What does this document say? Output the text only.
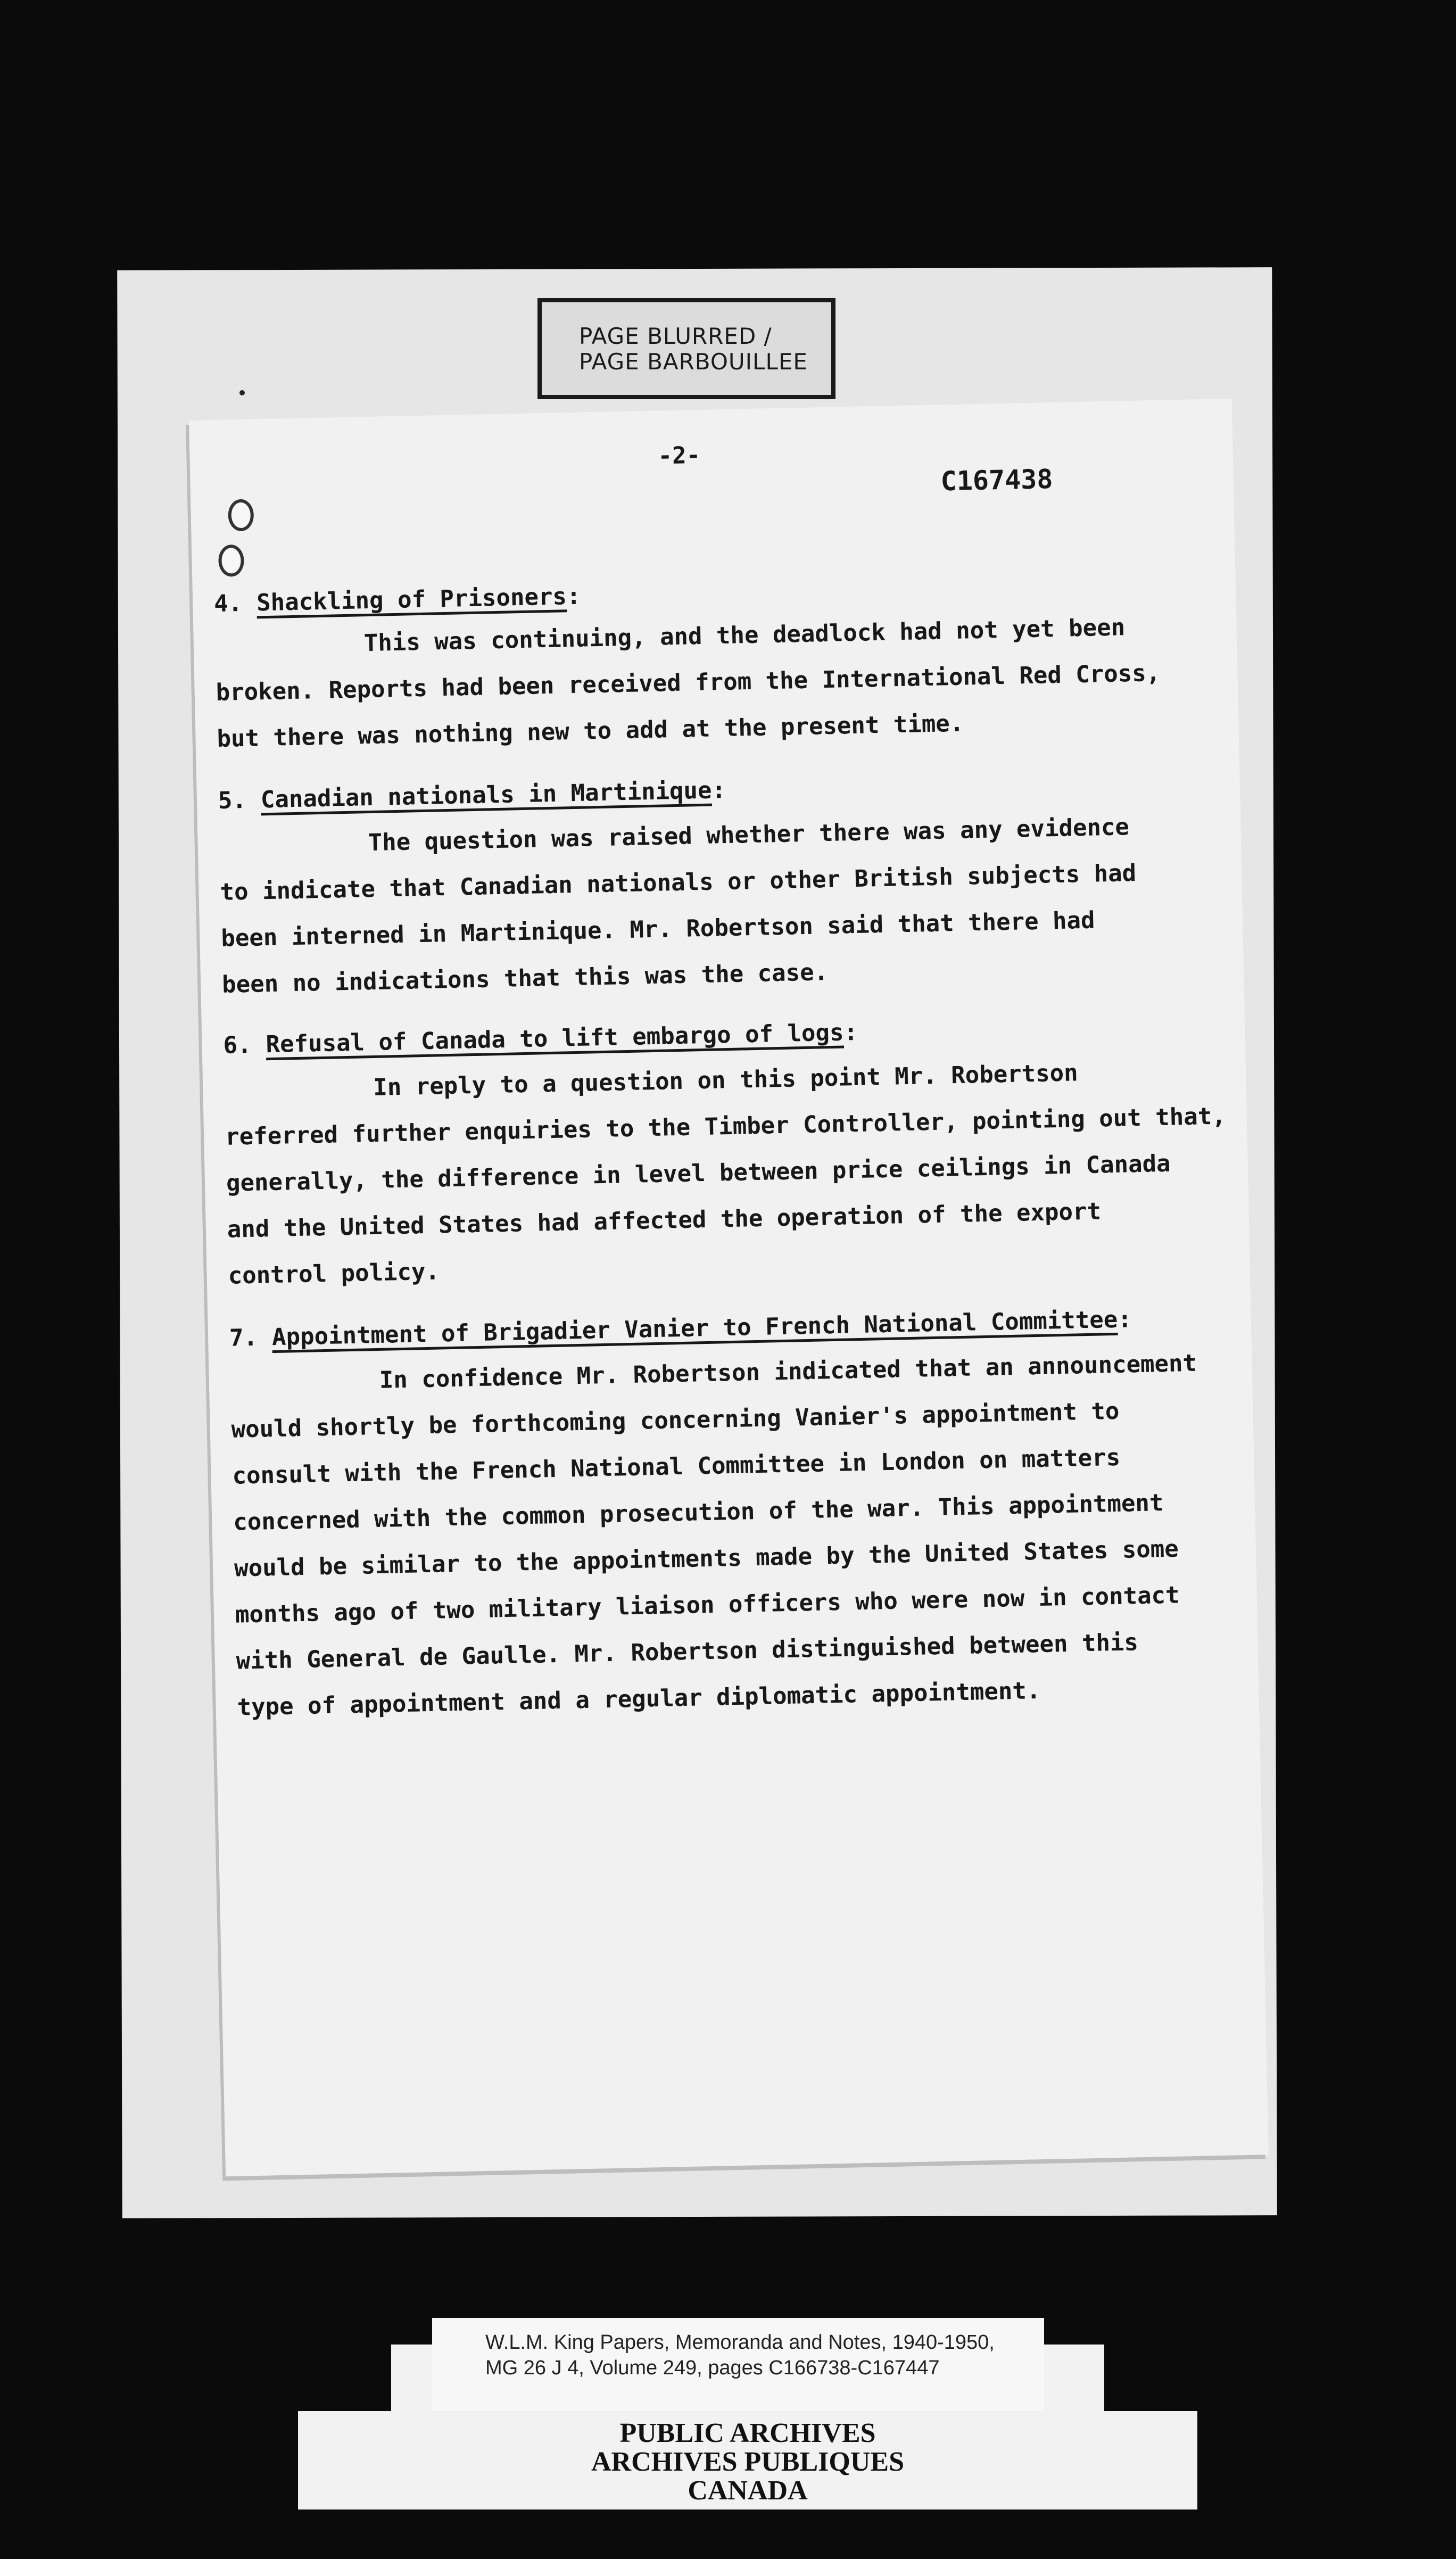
PAGE BLURRED /
PAGE BARBOUILLEE
-2-
C167438
4. Shackling of Prisoners:
This was continuing, and the deadlock had not yet been
broken. Reports had been received from the International Red Cross,
but there was nothing new to add at the present time.
5. Canadian nationals in Martinique:
The question was raised whether there was any evidence
to indicate that Canadian nationals or other British subjects had
been interned in Martinique. Mr. Robertson said that there had
been no indications that this was the case.
6. Refusal of Canada to lift embargo of logs:
In reply to a question on this point Mr. Robertson
referred further enquiries to the Timber Controller, pointing out that,
generally, the difference in level between price ceilings in Canada
and the United States had affected the operation of the export
control policy.
7. Appointment of Brigadier Vanier to French National Committee:
In confidence Mr. Robertson indicated that an announcement
would shortly be forthcoming concerning Vanier's appointment to
consult with the French National Committee in London on matters
concerned with the common prosecution of the war. This appointment
would be similar to the appointments made by the United States some
months ago of two military liaison officers who were now in contact
with General de Gaulle. Mr. Robertson distinguished between this
type of appointment and a regular diplomatic appointment.
W.L.M. King Papers, Memoranda and Notes, 1940-1950,
MG 26 J 4, Volume 249, pages C166738-C167447
PUBLIC ARCHIVES
ARCHIVES PUBLIQUES
CANADA
